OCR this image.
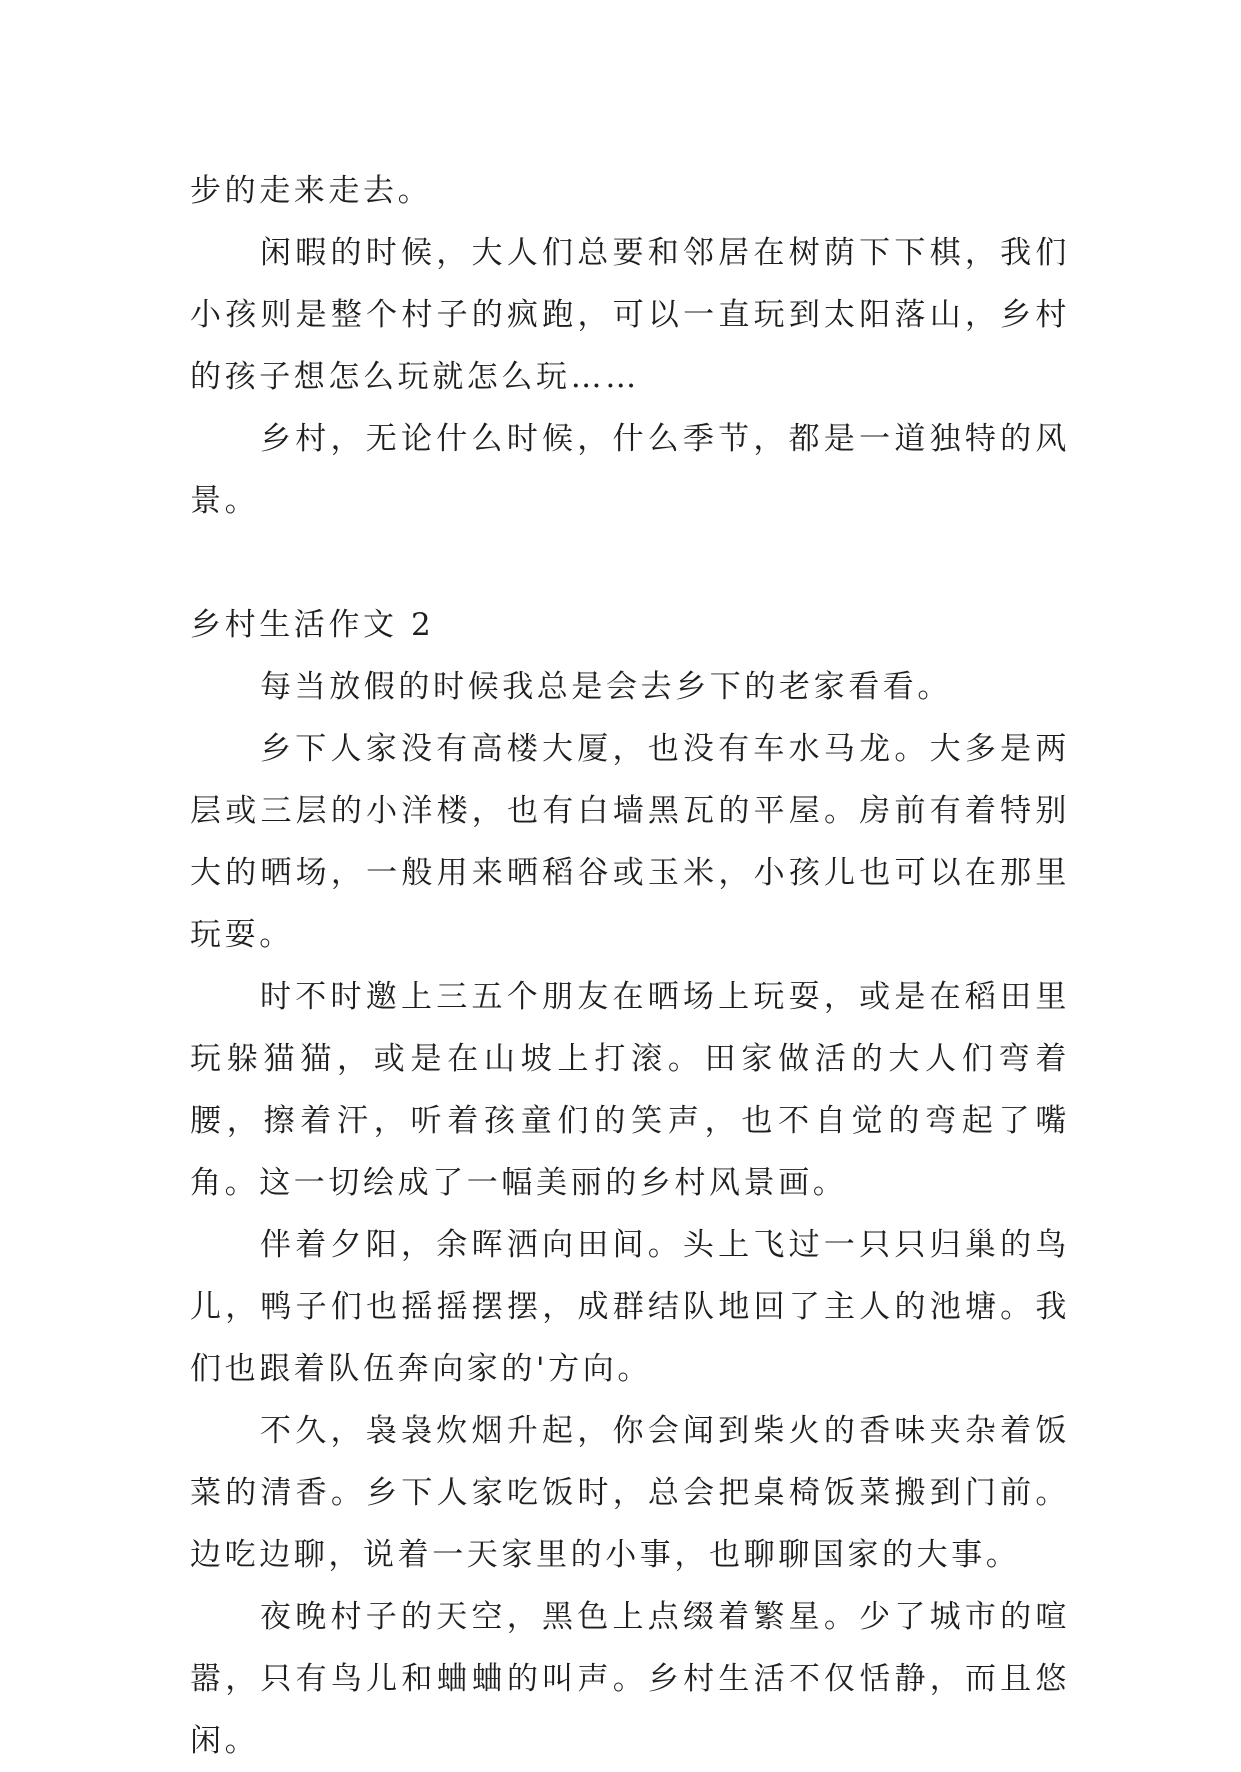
步的走来走去。

闲暇的时候，大人们总要和邻居在树荫下下棋，我们小孩则是整个村子的疯跑，可以一直玩到太阳落山，乡村的孩子想怎么玩就怎么玩……

乡村，无论什么时候，什么季节，都是一道独特的风景。

乡村生活作文 2

每当放假的时候我总是会去乡下的老家看看。

乡下人家没有高楼大厦，也没有车水马龙。大多是两层或三层的小洋楼，也有白墙黑瓦的平屋。房前有着特别大的晒场，一般用来晒稻谷或玉米，小孩儿也可以在那里玩耍。

时不时邀上三五个朋友在晒场上玩耍，或是在稻田里玩躲猫猫，或是在山坡上打滚。田家做活的大人们弯着腰，擦着汗，听着孩童们的笑声，也不自觉的弯起了嘴角。这一切绘成了一幅美丽的乡村风景画。

伴着夕阳，余晖洒向田间。头上飞过一只只归巢的鸟儿，鸭子们也摇摇摆摆，成群结队地回了主人的池塘。我们也跟着队伍奔向家的'方向。

不久，袅袅炊烟升起，你会闻到柴火的香味夹杂着饭菜的清香。乡下人家吃饭时，总会把桌椅饭菜搬到门前。边吃边聊，说着一天家里的小事，也聊聊国家的大事。

夜晚村子的天空，黑色上点缀着繁星。少了城市的喧嚣，只有鸟儿和蛐蛐的叫声。乡村生活不仅恬静，而且悠闲。
